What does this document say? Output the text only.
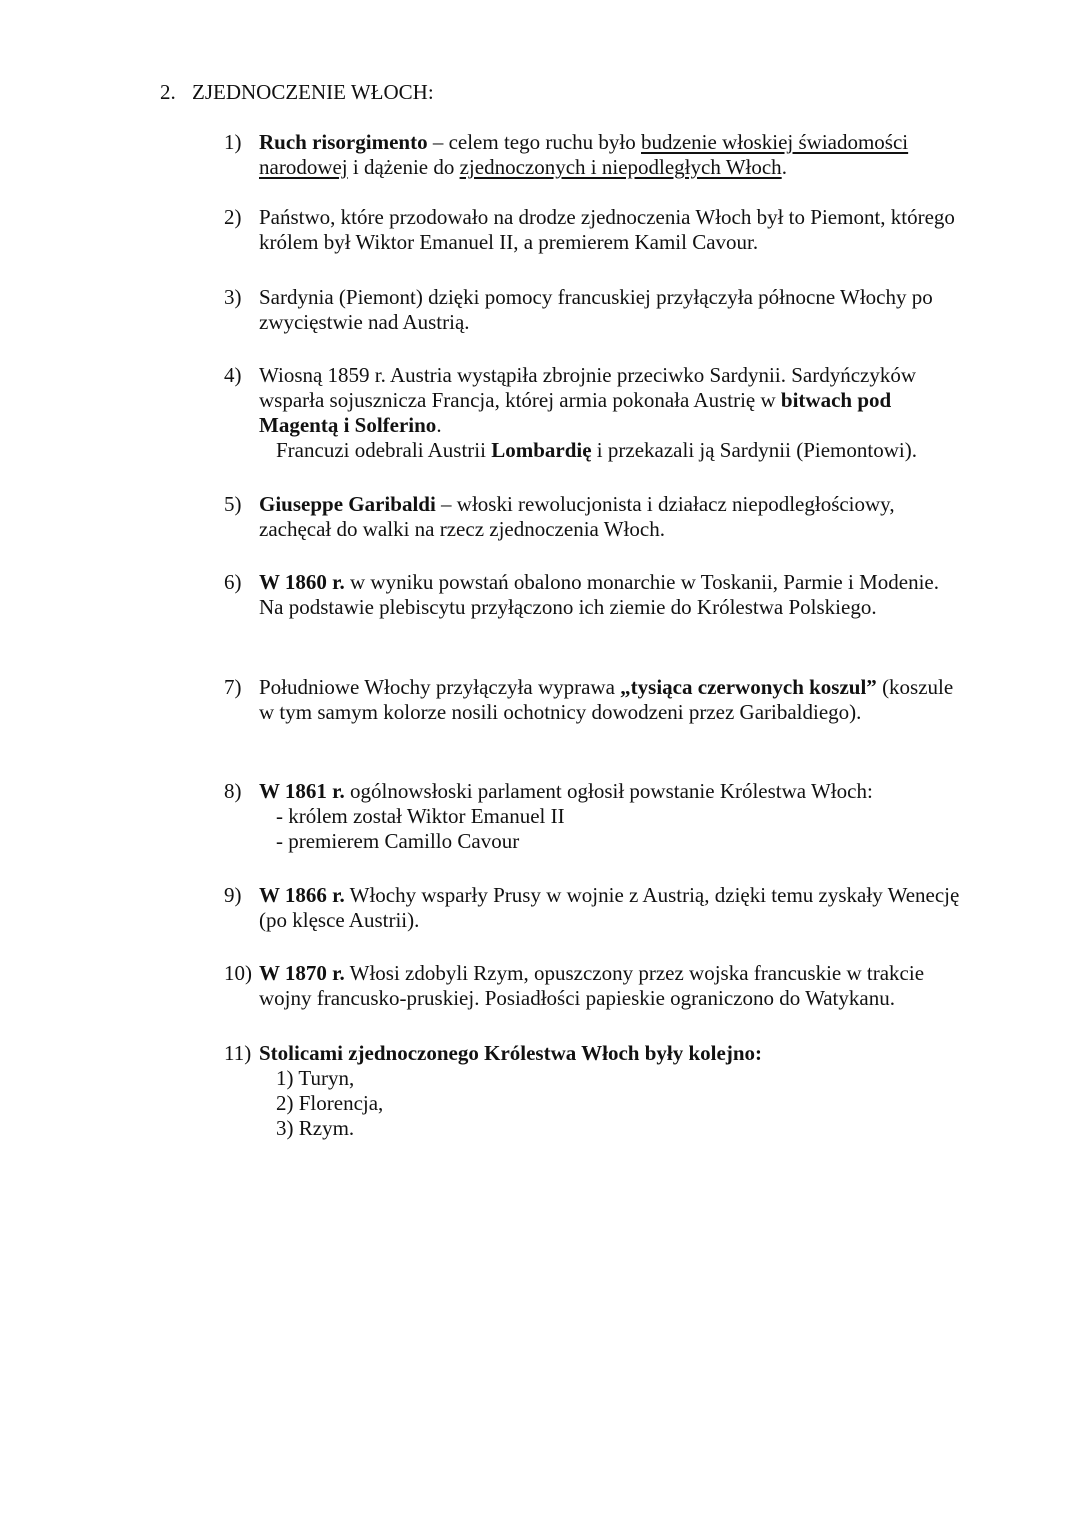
2. ZJEDNOCZENIE WŁOCH:
1) Ruch risorgimento – celem tego ruchu było budzenie włoskiej świadomości narodowej i dążenie do zjednoczonych i niepodległych Włoch.
2) Państwo, które przodowało na drodze zjednoczenia Włoch był to Piemont, którego królem był Wiktor Emanuel II, a premierem Kamil Cavour.
3) Sardynia (Piemont) dzięki pomocy francuskiej przyłączyła północne Włochy po zwycięstwie nad Austrią.
4) Wiosną 1859 r. Austria wystąpiła zbrojnie przeciwko Sardynii. Sardyńczyków wsparła sojusznicza Francja, której armia pokonała Austrię w bitwach pod Magentą i Solferino.
Francuzi odebrali Austrii Lombardię i przekazali ją Sardynii (Piemontowi).
5) Giuseppe Garibaldi – włoski rewolucjonista i działacz niepodległościowy, zachęcał do walki na rzecz zjednoczenia Włoch.
6) W 1860 r. w wyniku powstań obalono monarchie w Toskanii, Parmie i Modenie. Na podstawie plebiscytu przyłączono ich ziemie do Królestwa Polskiego.
7) Południowe Włochy przyłączyła wyprawa „tysiąca czerwonych koszul” (koszule w tym samym kolorze nosili ochotnicy dowodzeni przez Garibaldiego).
8) W 1861 r. ogólnowsłoski parlament ogłosił powstanie Królestwa Włoch:
- królem został Wiktor Emanuel II
- premierem Camillo Cavour
9) W 1866 r. Włochy wsparły Prusy w wojnie z Austrią, dzięki temu zyskały Wenecję (po klęsce Austrii).
10) W 1870 r. Włosi zdobyli Rzym, opuszczony przez wojska francuskie w trakcie wojny francusko-pruskiej. Posiadłości papieskie ograniczono do Watykanu.
11) Stolicami zjednoczonego Królestwa Włoch były kolejno:
1) Turyn,
2) Florencja,
3) Rzym.
